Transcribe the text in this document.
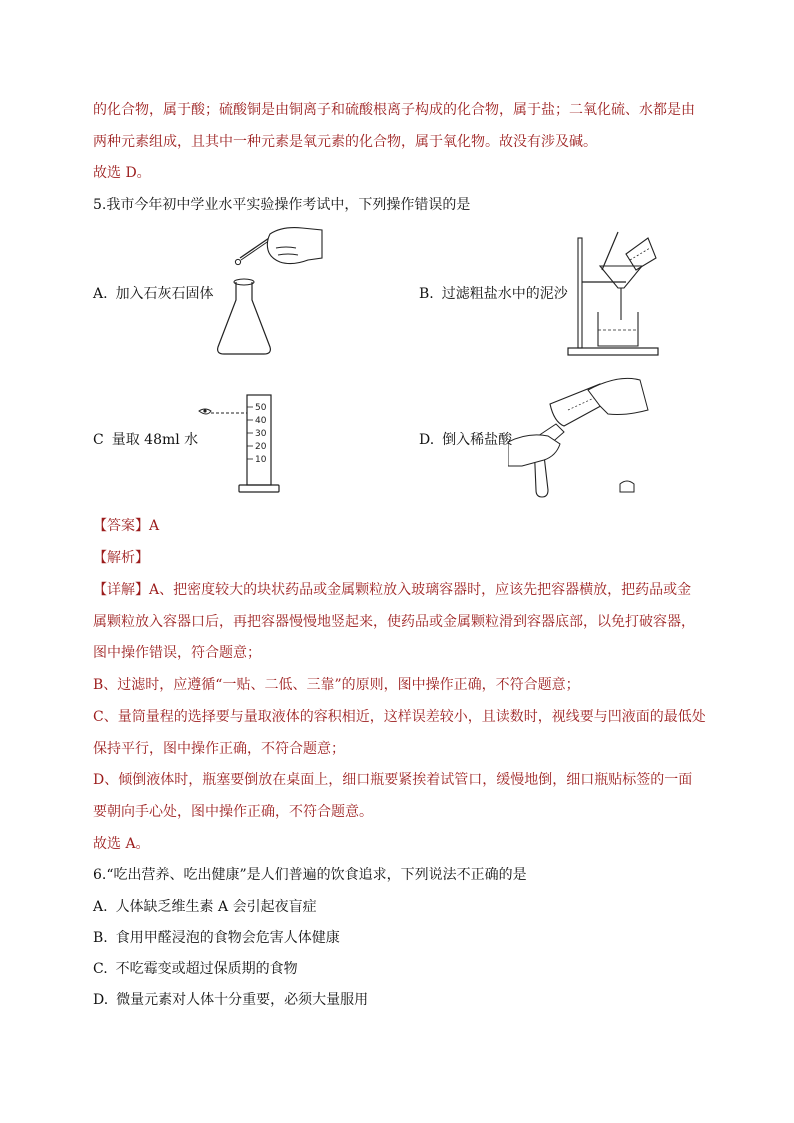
的化合物，属于酸；硫酸铜是由铜离子和硫酸根离子构成的化合物，属于盐；二氧化硫、水都是由
两种元素组成，且其中一种元素是氧元素的化合物，属于氧化物。故没有涉及碱。
故选 D。
5.我市今年初中学业水平实验操作考试中，下列操作错误的是
A. 加入石灰石固体	B. 过滤粗盐水中的泥沙
50
40
30
20
10
C 量取 48ml 水	D. 倒入稀盐酸
【答案】A
【解析】
【详解】A、把密度较大的块状药品或金属颗粒放入玻璃容器时，应该先把容器横放，把药品或金
属颗粒放入容器口后，再把容器慢慢地竖起来，使药品或金属颗粒滑到容器底部，以免打破容器，
图中操作错误，符合题意；
B、过滤时，应遵循“一贴、二低、三靠”的原则，图中操作正确，不符合题意；
C、量筒量程的选择要与量取液体的容积相近，这样误差较小，且读数时，视线要与凹液面的最低处
保持平行，图中操作正确，不符合题意；
D、倾倒液体时，瓶塞要倒放在桌面上，细口瓶要紧挨着试管口，缓慢地倒，细口瓶贴标签的一面
要朝向手心处，图中操作正确，不符合题意。
故选 A。
6.“吃出营养、吃出健康”是人们普遍的饮食追求，下列说法不正确的是
A. 人体缺乏维生素 A 会引起夜盲症
B. 食用甲醛浸泡的食物会危害人体健康
C. 不吃霉变或超过保质期的食物
D. 微量元素对人体十分重要，必须大量服用
